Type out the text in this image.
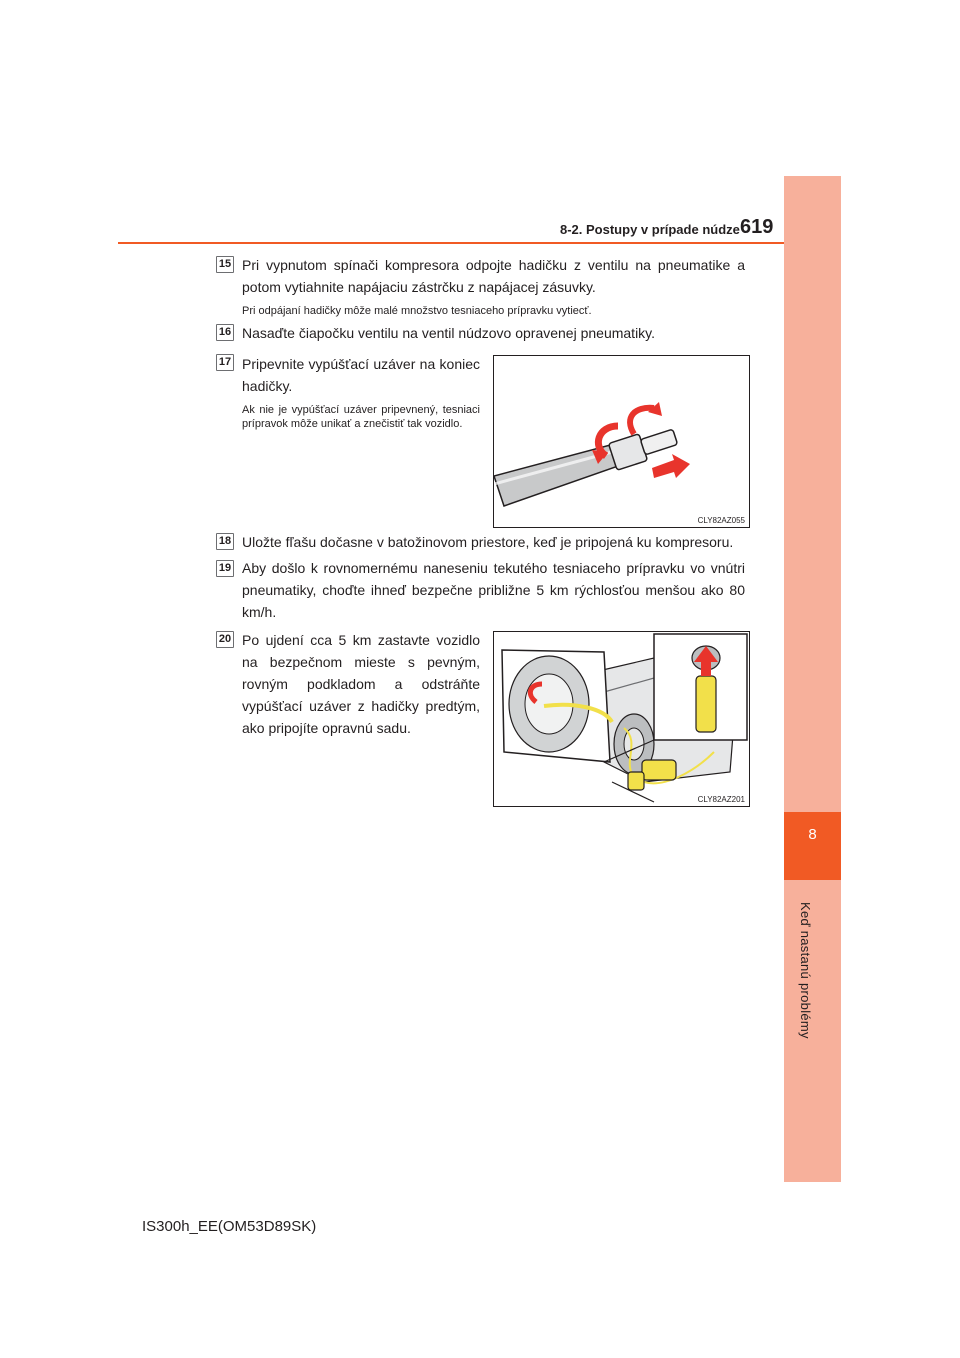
8
Keď nastanú problémy
8-2. Postupy v prípade núdze 619
15 Pri vypnutom spínači kompresora odpojte hadičku z ventilu na pneumatike a potom vytiahnite napájaciu zástrčku z napájacej zásuvky.
Pri odpájaní hadičky môže malé množstvo tesniaceho prípravku vytiecť.
16 Nasaďte čiapočku ventilu na ventil núdzovo opravenej pneumatiky.
17 Pripevnite vypúšťací uzáver na koniec hadičky.
Ak nie je vypúšťací uzáver pripevnený, tesniaci prípravok môže unikať a znečistiť tak vozidlo.
CLY82AZ055
18 Uložte fľašu dočasne v batožinovom priestore, keď je pripojená ku kompresoru.
19 Aby došlo k rovnomernému naneseniu tekutého tesniaceho prípravku vo vnútri pneumatiky, choďte ihneď bezpečne približne 5 km rýchlosťou menšou ako 80 km/h.
20 Po ujdení cca 5 km zastavte vozidlo na bezpečnom mieste s pevným, rovným podkladom a odstráňte vypúšťací uzáver z hadičky predtým, ako pripojíte opravnú sadu.
CLY82AZ201
IS300h_EE(OM53D89SK)
